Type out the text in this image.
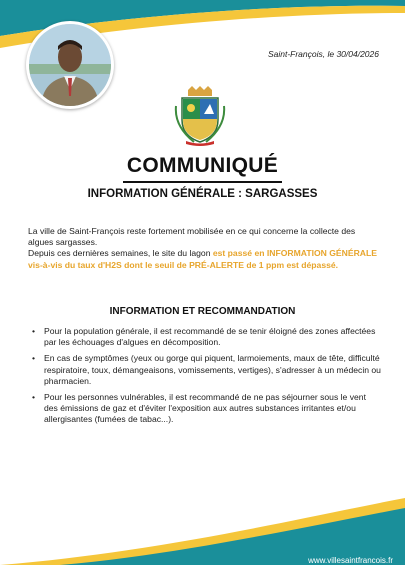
Saint-François, le 30/04/2026
COMMUNIQUÉ
INFORMATION GÉNÉRALE : SARGASSES

La ville de Saint-François reste fortement mobilisée en ce qui concerne la collecte des algues sargasses.

Depuis ces dernières semaines, le site du lagon est passé en INFORMATION GÉNÉRALE vis-à-vis du taux d'H2S dont le seuil de PRÉ-ALERTE de 1 ppm est dépassé.

INFORMATION ET RECOMMANDATION
• Pour la population générale, il est recommandé de se tenir éloigné des zones affectées par les échouages d'algues en décomposition.
• En cas de symptômes (yeux ou gorge qui piquent, larmoiements, maux de tête, difficulté respiratoire, toux, démangeaisons, vomissements, vertiges), s'adresser à un médecin ou pharmacien.
• Pour les personnes vulnérables, il est recommandé de ne pas séjourner sous le vent des émissions de gaz et d'éviter l'exposition aux autres substances irritantes et/ou allergisantes (fumées de tabac...).
www.villesaintfrancois.fr
